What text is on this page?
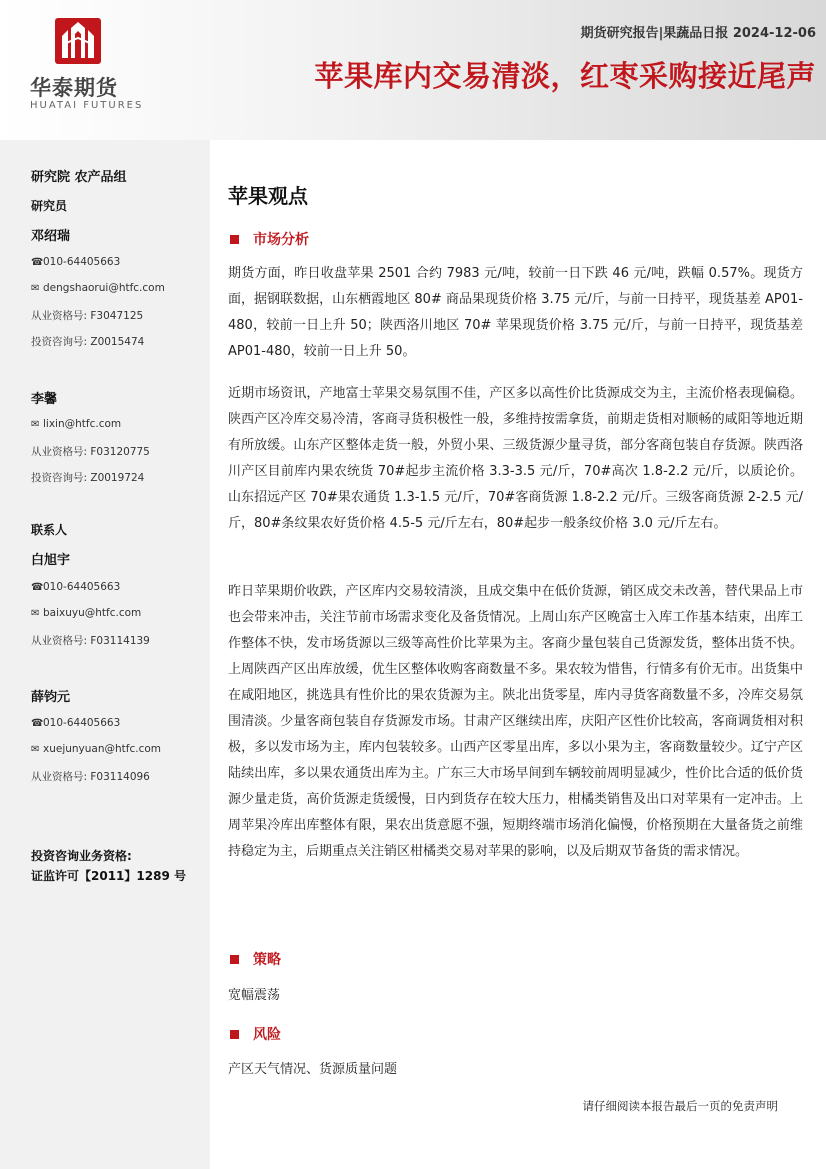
华泰期货
HUATAI FUTURES
期货研究报告|果蔬品日报 2024-12-06
苹果库内交易清淡，红枣采购接近尾声
研究院 农产品组
研究员
邓绍瑞
☎010-64405663
✉ dengshaorui@htfc.com
从业资格号: F3047125
投资咨询号: Z0015474
李馨
✉ lixin@htfc.com
从业资格号: F03120775
投资咨询号: Z0019724
联系人
白旭宇
☎010-64405663
✉ baixuyu@htfc.com
从业资格号: F03114139
薛钧元
☎010-64405663
✉ xuejunyuan@htfc.com
从业资格号: F03114096
投资咨询业务资格:
证监许可【2011】1289 号
苹果观点
市场分析

期货方面，昨日收盘苹果 2501 合约 7983 元/吨，较前一日下跌 46 元/吨，跌幅 0.57%。现货方面，据钢联数据，山东栖霞地区 80# 商品果现货价格 3.75 元/斤，与前一日持平，现货基差 AP01-480，较前一日上升 50；陕西洛川地区 70# 苹果现货价格 3.75 元/斤，与前一日持平，现货基差 AP01-480，较前一日上升 50。

近期市场资讯，产地富士苹果交易氛围不佳，产区多以高性价比货源成交为主，主流价格表现偏稳。陕西产区冷库交易冷清，客商寻货积极性一般，多维持按需拿货，前期走货相对顺畅的咸阳等地近期有所放缓。山东产区整体走货一般，外贸小果、三级货源少量寻货，部分客商包装自存货源。陕西洛川产区目前库内果农统货 70#起步主流价格 3.3-3.5 元/斤，70#高次 1.8-2.2 元/斤，以质论价。 山东招远产区 70#果农通货 1.3-1.5 元/斤，70#客商货源 1.8-2.2 元/斤。三级客商货源 2-2.5 元/斤，80#条纹果农好货价格 4.5-5 元/斤左右，80#起步一般条纹价格 3.0 元/斤左右。

昨日苹果期价收跌，产区库内交易较清淡，且成交集中在低价货源，销区成交未改善，替代果品上市也会带来冲击，关注节前市场需求变化及备货情况。上周山东产区晚富士入库工作基本结束，出库工作整体不快，发市场货源以三级等高性价比苹果为主。客商少量包装自己货源发货，整体出货不快。上周陕西产区出库放缓，优生区整体收购客商数量不多。果农较为惜售，行情多有价无市。出货集中在咸阳地区，挑选具有性价比的果农货源为主。陕北出货零星，库内寻货客商数量不多，冷库交易氛围清淡。少量客商包装自存货源发市场。甘肃产区继续出库，庆阳产区性价比较高，客商调货相对积极，多以发市场为主，库内包装较多。山西产区零星出库，多以小果为主，客商数量较少。辽宁产区陆续出库，多以果农通货出库为主。广东三大市场早间到车辆较前周明显减少，性价比合适的低价货源少量走货，高价货源走货缓慢，日内到货存在较大压力，柑橘类销售及出口对苹果有一定冲击。上周苹果冷库出库整体有限，果农出货意愿不强，短期终端市场消化偏慢，价格预期在大量备货之前维持稳定为主，后期重点关注销区柑橘类交易对苹果的影响，以及后期双节备货的需求情况。

策略

宽幅震荡

风险

产区天气情况、货源质量问题

请仔细阅读本报告最后一页的免责声明
